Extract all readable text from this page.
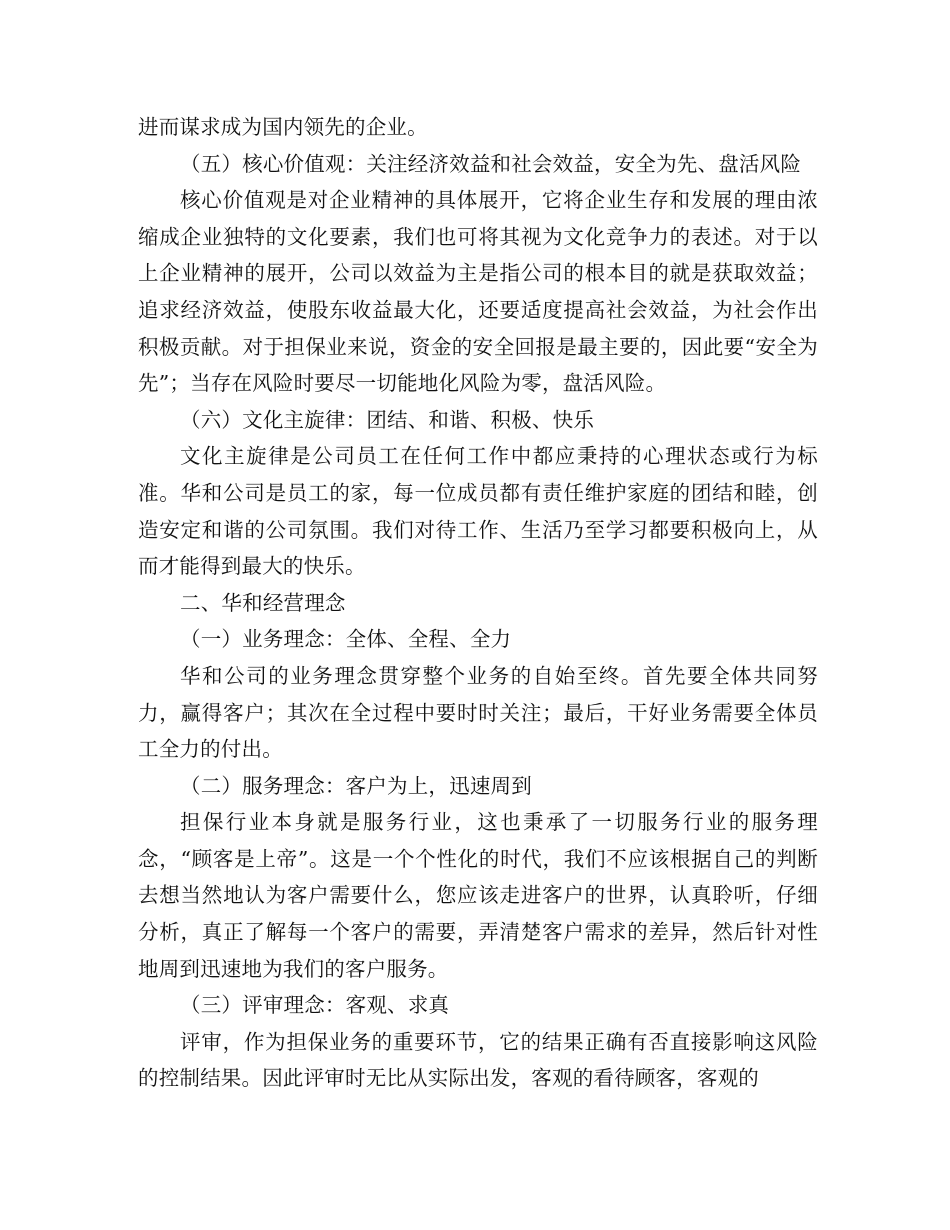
进而谋求成为国内领先的企业。

（五）核心价值观：关注经济效益和社会效益，安全为先、盘活风险

核心价值观是对企业精神的具体展开，它将企业生存和发展的理由浓缩成企业独特的文化要素，我们也可将其视为文化竞争力的表述。对于以上企业精神的展开，公司以效益为主是指公司的根本目的就是获取效益；追求经济效益，使股东收益最大化，还要适度提高社会效益，为社会作出积极贡献。对于担保业来说，资金的安全回报是最主要的，因此要“安全为先”；当存在风险时要尽一切能地化风险为零，盘活风险。

（六）文化主旋律：团结、和谐、积极、快乐

文化主旋律是公司员工在任何工作中都应秉持的心理状态或行为标准。华和公司是员工的家，每一位成员都有责任维护家庭的团结和睦，创造安定和谐的公司氛围。我们对待工作、生活乃至学习都要积极向上，从而才能得到最大的快乐。

二、华和经营理念

（一）业务理念：全体、全程、全力

华和公司的业务理念贯穿整个业务的自始至终。首先要全体共同努力，赢得客户；其次在全过程中要时时关注；最后，干好业务需要全体员工全力的付出。

（二）服务理念：客户为上，迅速周到

担保行业本身就是服务行业，这也秉承了一切服务行业的服务理念，“顾客是上帝”。这是一个个性化的时代，我们不应该根据自己的判断去想当然地认为客户需要什么，您应该走进客户的世界，认真聆听，仔细分析，真正了解每一个客户的需要，弄清楚客户需求的差异，然后针对性地周到迅速地为我们的客户服务。

（三）评审理念：客观、求真

评审，作为担保业务的重要环节，它的结果正确有否直接影响这风险的控制结果。因此评审时无比从实际出发，客观的看待顾客，客观的
